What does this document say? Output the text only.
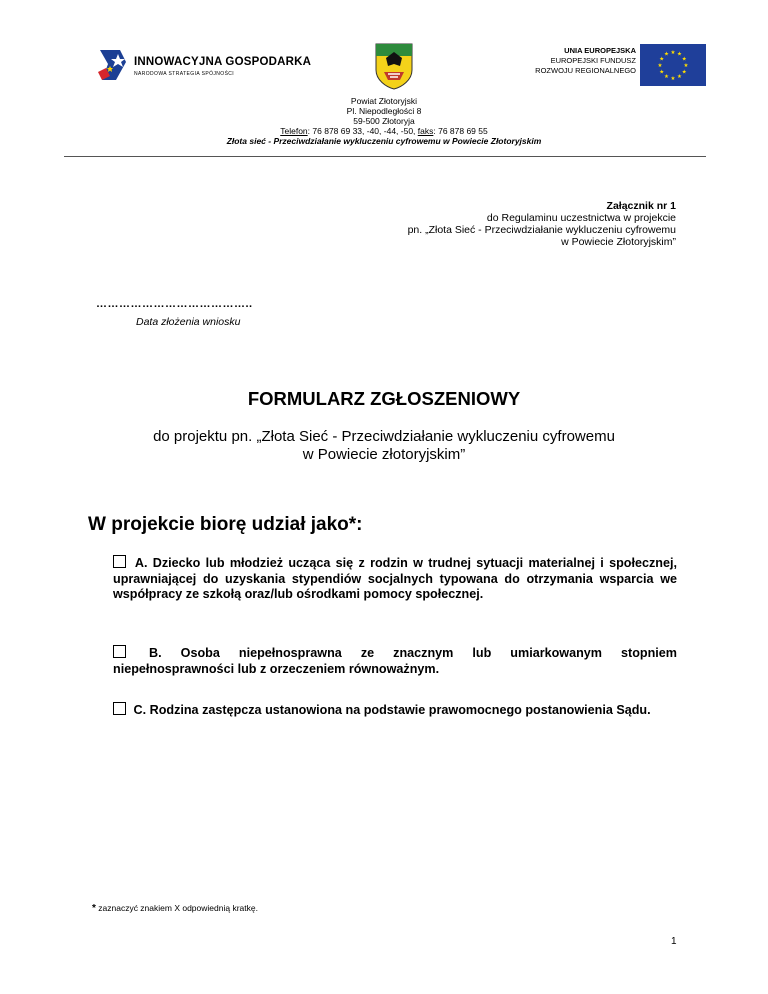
INNOWACYJNA GOSPODARKA
NARODOWA STRATEGIA SPÓJNOŚCI
UNIA EUROPEJSKA
EUROPEJSKI FUNDUSZ
ROZWOJU REGIONALNEGO
★
★
★
★
★
★
★
★
★ ★ ★
★
Powiat Złotoryjski
Pl. Niepodległości 8
59-500 Złotoryja
Telefon: 76 878 69 33, -40, -44, -50, faks: 76 878 69 55
Złota sieć - Przeciwdziałanie wykluczeniu cyfrowemu w Powiecie Złotoryjskim
Załącznik nr 1
do Regulaminu uczestnictwa w projekcie
pn. „Złota Sieć - Przeciwdziałanie wykluczeniu cyfrowemu
w Powiecie Złotoryjskim”
…………………………………..
Data złożenia wniosku
FORMULARZ ZGŁOSZENIOWY
do projektu pn. „Złota Sieć - Przeciwdziałanie wykluczeniu cyfrowemu
w Powiecie złotoryjskim”
W projekcie biorę udział jako*:
A. Dziecko lub młodzież ucząca się z rodzin w trudnej sytuacji materialnej i społecznej, uprawniającej do uzyskania stypendiów socjalnych typowana do otrzymania wsparcia we współpracy ze szkołą oraz/lub ośrodkami pomocy społecznej.
B. Osoba niepełnosprawna ze znacznym lub umiarkowanym stopniem niepełnosprawności lub z orzeczeniem równoważnym.
C. Rodzina zastępcza ustanowiona na podstawie prawomocnego postanowienia Sądu.
* zaznaczyć znakiem X odpowiednią kratkę.
1
